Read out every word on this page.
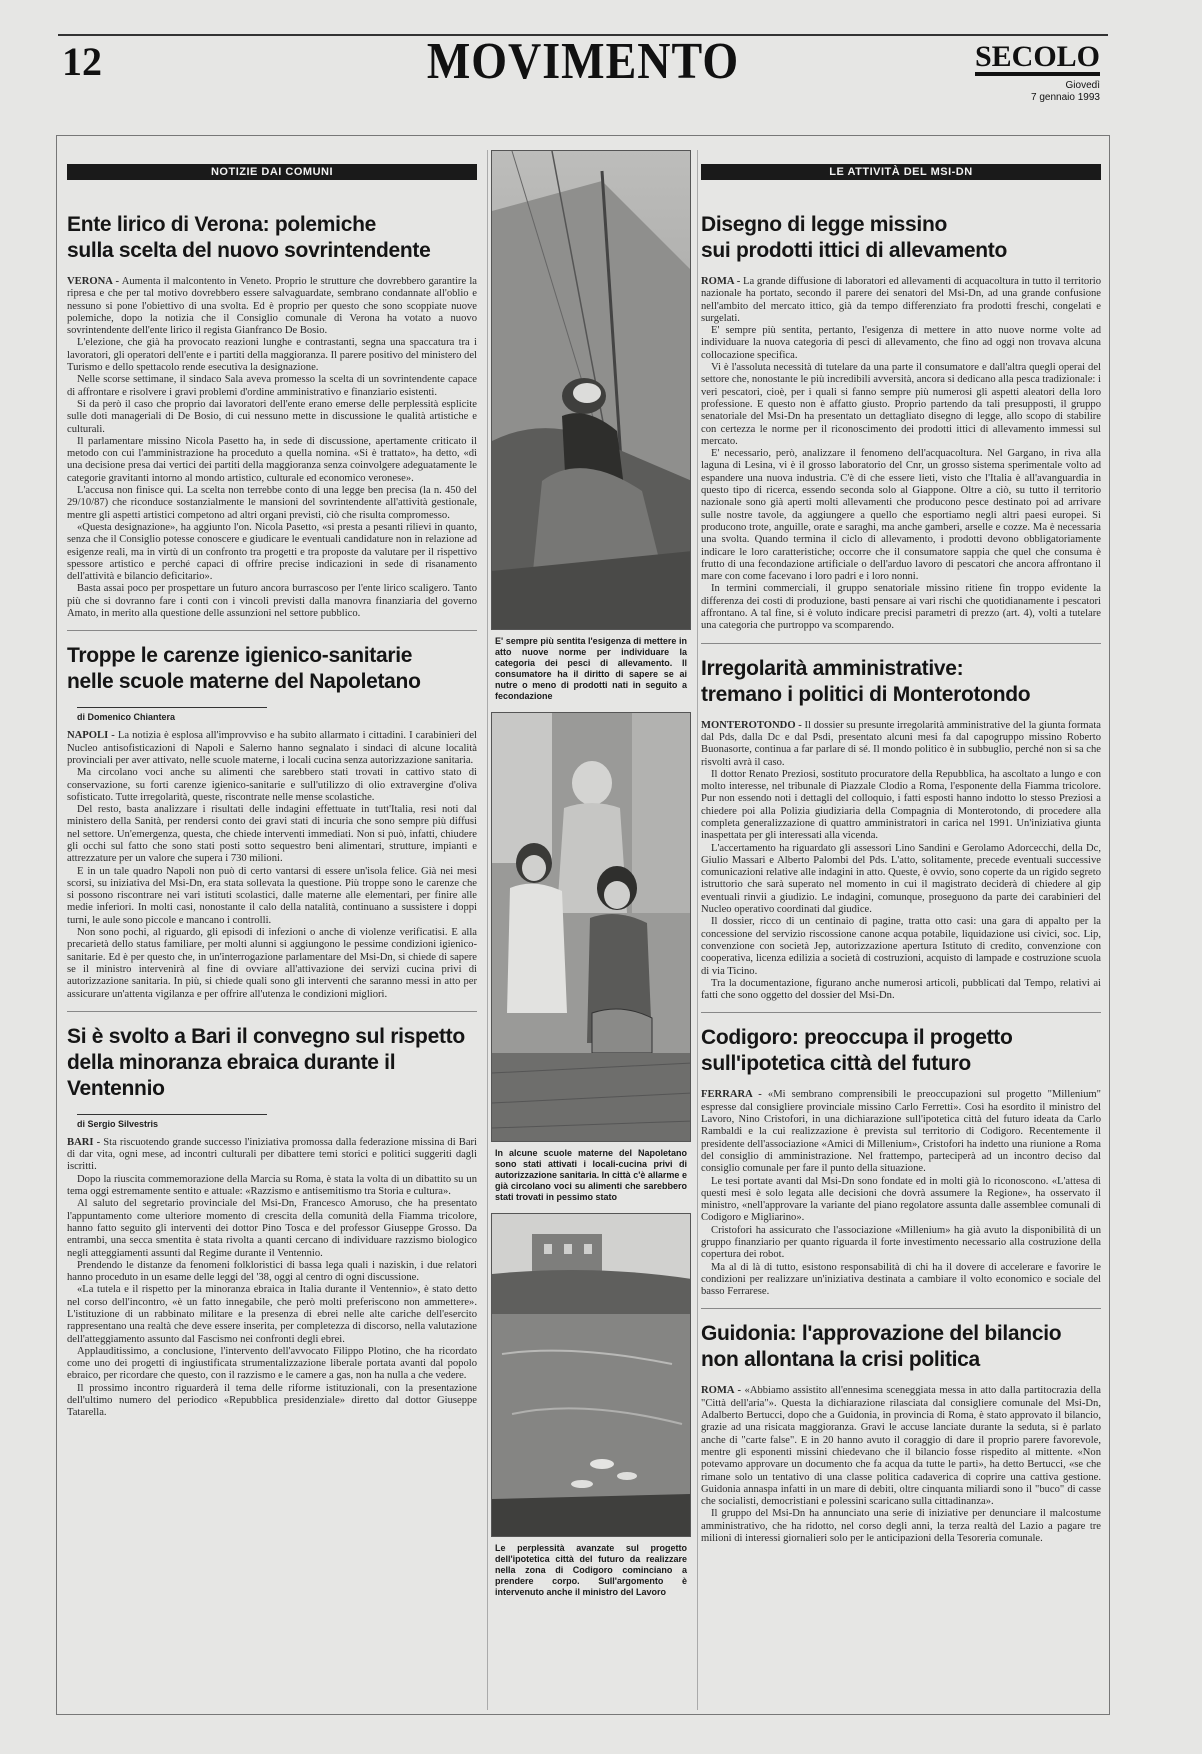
12	MOVIMENTO	SECOLO
Giovedì
7 gennaio 1993
NOTIZIE DAI COMUNI
Ente lirico di Verona: polemiche
sulla scelta del nuovo sovrintendente

VERONA - Aumenta il malcontento in Veneto. Proprio le strutture che dovrebbero garantire la ripresa e che per tal motivo dovrebbero essere salvaguardate, sembrano condannate all'oblio e nessuno si pone l'obiettivo di una svolta. Ed è proprio per questo che sono scoppiate nuove polemiche, dopo la notizia che il Consiglio comunale di Verona ha votato a nuovo sovrintendente dell'ente lirico il regista Gianfranco De Bosio.

L'elezione, che già ha provocato reazioni lunghe e contrastanti, segna una spaccatura tra i lavoratori, gli operatori dell'ente e i partiti della maggioranza. Il parere positivo del ministero del Turismo e dello spettacolo rende esecutiva la designazione.

Nelle scorse settimane, il sindaco Sala aveva promesso la scelta di un sovrintendente capace di affrontare e risolvere i gravi problemi d'ordine amministrativo e finanziario esistenti.

Si da però il caso che proprio dai lavoratori dell'ente erano emerse delle perplessità esplicite sulle doti manageriali di De Bosio, di cui nessuno mette in discussione le qualità artistiche e culturali.

Il parlamentare missino Nicola Pasetto ha, in sede di discussione, apertamente criticato il metodo con cui l'amministrazione ha proceduto a quella nomina. «Si è trattato», ha detto, «di una decisione presa dai vertici dei partiti della maggioranza senza coinvolgere adeguatamente le categorie gravitanti intorno al mondo artistico, culturale ed economico veronese».

L'accusa non finisce qui. La scelta non terrebbe conto di una legge ben precisa (la n. 450 del 29/10/87) che riconduce sostanzialmente le mansioni del sovrintendente all'attività gestionale, mentre gli aspetti artistici competono ad altri organi previsti, ciò che risulta compromesso.

«Questa designazione», ha aggiunto l'on. Nicola Pasetto, «si presta a pesanti rilievi in quanto, senza che il Consiglio potesse conoscere e giudicare le eventuali candidature non in relazione ad esigenze reali, ma in virtù di un confronto tra progetti e tra proposte da valutare per il rispettivo spessore artistico e perché capaci di offrire precise indicazioni in sede di risanamento dell'attività e bilancio deficitario».

Basta assai poco per prospettare un futuro ancora burrascoso per l'ente lirico scaligero. Tanto più che si dovranno fare i conti con i vincoli previsti dalla manovra finanziaria del governo Amato, in merito alla questione delle assunzioni nel settore pubblico.

Troppe le carenze igienico-sanitarie
nelle scuole materne del Napoletano
di Domenico Chiantera

NAPOLI - La notizia è esplosa all'improvviso e ha subito allarmato i cittadini. I carabinieri del Nucleo antisofisticazioni di Napoli e Salerno hanno segnalato i sindaci di alcune località provinciali per aver attivato, nelle scuole materne, i locali cucina senza autorizzazione sanitaria.

Ma circolano voci anche su alimenti che sarebbero stati trovati in cattivo stato di conservazione, su forti carenze igienico-sanitarie e sull'utilizzo di olio extravergine d'oliva sofisticato. Tutte irregolarità, queste, riscontrate nelle mense scolastiche.

Del resto, basta analizzare i risultati delle indagini effettuate in tutt'Italia, resi noti dal ministero della Sanità, per rendersi conto dei gravi stati di incuria che sono sempre più diffusi nel settore. Un'emergenza, questa, che chiede interventi immediati. Non si può, infatti, chiudere gli occhi sul fatto che sono stati posti sotto sequestro beni alimentari, strutture, impianti e attrezzature per un valore che supera i 730 milioni.

E in un tale quadro Napoli non può di certo vantarsi di essere un'isola felice. Già nei mesi scorsi, su iniziativa del Msi-Dn, era stata sollevata la questione. Più troppe sono le carenze che si possono riscontrare nei vari istituti scolastici, dalle materne alle elementari, per finire alle medie inferiori. In molti casi, nonostante il calo della natalità, continuano a sussistere i doppi turni, le aule sono piccole e mancano i controlli.

Non sono pochi, al riguardo, gli episodi di infezioni o anche di violenze verificatisi. E alla precarietà dello status familiare, per molti alunni si aggiungono le pessime condizioni igienico-sanitarie. Ed è per questo che, in un'interrogazione parlamentare del Msi-Dn, si chiede di sapere se il ministro intervenirà al fine di ovviare all'attivazione dei servizi cucina privi di autorizzazione sanitaria. In più, si chiede quali sono gli interventi che saranno messi in atto per assicurare un'attenta vigilanza e per offrire all'utenza le condizioni migliori.

Si è svolto a Bari il convegno sul rispetto
della minoranza ebraica durante il Ventennio
di Sergio Silvestris

BARI - Sta riscuotendo grande successo l'iniziativa promossa dalla federazione missina di Bari di dar vita, ogni mese, ad incontri culturali per dibattere temi storici e politici suggeriti dagli iscritti.

Dopo la riuscita commemorazione della Marcia su Roma, è stata la volta di un dibattito su un tema oggi estremamente sentito e attuale: «Razzismo e antisemitismo tra Storia e cultura».

Al saluto del segretario provinciale del Msi-Dn, Francesco Amoruso, che ha presentato l'appuntamento come ulteriore momento di crescita della comunità della Fiamma tricolore, hanno fatto seguito gli interventi dei dottor Pino Tosca e del professor Giuseppe Grosso. Da entrambi, una secca smentita è stata rivolta a quanti cercano di individuare razzismo biologico negli atteggiamenti assunti dal Regime durante il Ventennio.

Prendendo le distanze da fenomeni folkloristici di bassa lega quali i naziskin, i due relatori hanno proceduto in un esame delle leggi del '38, oggi al centro di ogni discussione.

«La tutela e il rispetto per la minoranza ebraica in Italia durante il Ventennio», è stato detto nel corso dell'incontro, «è un fatto innegabile, che però molti preferiscono non ammettere». L'istituzione di un rabbinato militare e la presenza di ebrei nelle alte cariche dell'esercito rappresentano una realtà che deve essere inserita, per completezza di discorso, nella valutazione dell'atteggiamento assunto dal Fascismo nei confronti degli ebrei.

Applauditissimo, a conclusione, l'intervento dell'avvocato Filippo Plotino, che ha ricordato come uno dei progetti di ingiustificata strumentalizzazione liberale portata avanti dal popolo ebraico, per ricordare che questo, con il razzismo e le camere a gas, non ha nulla a che vedere.

Il prossimo incontro riguarderà il tema delle riforme istituzionali, con la presentazione dell'ultimo numero del periodico «Repubblica presidenziale» diretto dal dottor Giuseppe Tatarella.

E' sempre più sentita l'esigenza di mettere in atto nuove norme per individuare la categoria dei pesci di allevamento. Il consumatore ha il diritto di sapere se ai nutre o meno di prodotti nati in seguito a fecondazione
In alcune scuole materne del Napoletano sono stati attivati i locali-cucina privi di autorizzazione sanitaria. In città c'è allarme e già circolano voci su alimenti che sarebbero stati trovati in pessimo stato
Le perplessità avanzate sul progetto dell'ipotetica città del futuro da realizzare nella zona di Codigoro cominciano a prendere corpo. Sull'argomento è intervenuto anche il ministro del Lavoro
LE ATTIVITÀ DEL MSI-DN
Disegno di legge missino
sui prodotti ittici di allevamento

ROMA - La grande diffusione di laboratori ed allevamenti di acquacoltura in tutto il territorio nazionale ha portato, secondo il parere dei senatori del Msi-Dn, ad una grande confusione nell'ambito del mercato ittico, già da tempo differenziato fra prodotti freschi, congelati e surgelati.

E' sempre più sentita, pertanto, l'esigenza di mettere in atto nuove norme volte ad individuare la nuova categoria di pesci di allevamento, che fino ad oggi non trovava alcuna collocazione specifica.

Vi è l'assoluta necessità di tutelare da una parte il consumatore e dall'altra quegli operai del settore che, nonostante le più incredibili avversità, ancora si dedicano alla pesca tradizionale: i veri pescatori, cioè, per i quali si fanno sempre più numerosi gli aspetti aleatori della loro professione. E questo non è affatto giusto. Proprio partendo da tali presupposti, il gruppo senatoriale del Msi-Dn ha presentato un dettagliato disegno di legge, allo scopo di stabilire con certezza le norme per il riconoscimento dei prodotti ittici di allevamento immessi sul mercato.

E' necessario, però, analizzare il fenomeno dell'acquacoltura. Nel Gargano, in riva alla laguna di Lesina, vi è il grosso laboratorio del Cnr, un grosso sistema sperimentale volto ad espandere una nuova industria. C'è di che essere lieti, visto che l'Italia è all'avanguardia in questo tipo di ricerca, essendo seconda solo al Giappone. Oltre a ciò, su tutto il territorio nazionale sono già aperti molti allevamenti che producono pesce destinato poi ad arrivare sulle nostre tavole, da aggiungere a quello che esportiamo negli altri paesi europei. Si producono trote, anguille, orate e saraghi, ma anche gamberi, arselle e cozze. Ma è necessaria una svolta. Quando termina il ciclo di allevamento, i prodotti devono obbligatoriamente indicare le loro caratteristiche; occorre che il consumatore sappia che quel che consuma è frutto di una fecondazione artificiale o dell'arduo lavoro di pescatori che ancora affrontano il mare con come facevano i loro padri e i loro nonni.

In termini commerciali, il gruppo senatoriale missino ritiene fin troppo evidente la differenza dei costi di produzione, basti pensare ai vari rischi che quotidianamente i pescatori affrontano. A tal fine, si è voluto indicare precisi parametri di prezzo (art. 4), volti a tutelare una categoria che purtroppo va scomparendo.

Irregolarità amministrative:
tremano i politici di Monterotondo

MONTEROTONDO - Il dossier su presunte irregolarità amministrative del la giunta formata dal Pds, dalla Dc e dal Psdi, presentato alcuni mesi fa dal capogruppo missino Roberto Buonasorte, continua a far parlare di sé. Il mondo politico è in subbuglio, perché non si sa che risvolti avrà il caso.

Il dottor Renato Preziosi, sostituto procuratore della Repubblica, ha ascoltato a lungo e con molto interesse, nel tribunale di Piazzale Clodio a Roma, l'esponente della Fiamma tricolore. Pur non essendo noti i dettagli del colloquio, i fatti esposti hanno indotto lo stesso Preziosi a chiedere poi alla Polizia giudiziaria della Compagnia di Monterotondo, di procedere alla completa generalizzazione di quattro amministratori in carica nel 1991. Un'iniziativa giunta inaspettata per gli interessati alla vicenda.

L'accertamento ha riguardato gli assessori Lino Sandini e Gerolamo Adorcecchi, della Dc, Giulio Massari e Alberto Palombi del Pds. L'atto, solitamente, precede eventuali successive comunicazioni relative alle indagini in atto. Queste, è ovvio, sono coperte da un rigido segreto istruttorio che sarà superato nel momento in cui il magistrato deciderà di chiedere al gip eventuali rinvii a giudizio. Le indagini, comunque, proseguono da parte dei carabinieri del Nucleo operativo coordinati dal giudice.

Il dossier, ricco di un centinaio di pagine, tratta otto casi: una gara di appalto per la concessione del servizio riscossione canone acqua potabile, liquidazione usi civici, soc. Lip, convenzione con società Jep, autorizzazione apertura Istituto di credito, convenzione con cooperativa, licenza edilizia a società di costruzioni, acquisto di lampade e costruzione scuola di via Ticino.

Tra la documentazione, figurano anche numerosi articoli, pubblicati dal Tempo, relativi ai fatti che sono oggetto del dossier del Msi-Dn.

Codigoro: preoccupa il progetto
sull'ipotetica città del futuro

FERRARA - «Mi sembrano comprensibili le preoccupazioni sul progetto "Millenium" espresse dal consigliere provinciale missino Carlo Ferretti». Così ha esordito il ministro del Lavoro, Nino Cristofori, in una dichiarazione sull'ipotetica città del futuro ideata da Carlo Rambaldi e la cui realizzazione è prevista sul territorio di Codigoro. Recentemente il presidente dell'associazione «Amici di Millenium», Cristofori ha indetto una riunione a Roma del consiglio di amministrazione. Nel frattempo, parteciperà ad un incontro deciso dal consiglio comunale per fare il punto della situazione.

Le tesi portate avanti dal Msi-Dn sono fondate ed in molti già lo riconoscono. «L'attesa di questi mesi è solo legata alle decisioni che dovrà assumere la Regione», ha osservato il ministro, «nell'approvare la variante del piano regolatore assunta dalle assemblee comunali di Codigoro e Migliarino».

Cristofori ha assicurato che l'associazione «Millenium» ha già avuto la disponibilità di un gruppo finanziario per quanto riguarda il forte investimento necessario alla costruzione della copertura dei robot.

Ma al di là di tutto, esistono responsabilità di chi ha il dovere di accelerare e favorire le condizioni per realizzare un'iniziativa destinata a cambiare il volto economico e sociale del basso Ferrarese.

Guidonia: l'approvazione del bilancio
non allontana la crisi politica

ROMA - «Abbiamo assistito all'ennesima sceneggiata messa in atto dalla partitocrazia della "Città dell'aria"». Questa la dichiarazione rilasciata dal consigliere comunale del Msi-Dn, Adalberto Bertucci, dopo che a Guidonia, in provincia di Roma, è stato approvato il bilancio, grazie ad una risicata maggioranza. Gravi le accuse lanciate durante la seduta, si è parlato anche di "carte false". E in 20 hanno avuto il coraggio di dare il proprio parere favorevole, mentre gli esponenti missini chiedevano che il bilancio fosse rispedito al mittente. «Non potevamo approvare un documento che fa acqua da tutte le parti», ha detto Bertucci, «se che rimane solo un tentativo di una classe politica cadaverica di coprire una cattiva gestione. Guidonia annaspa infatti in un mare di debiti, oltre cinquanta miliardi sono il "buco" di casse che socialisti, democristiani e polessini scaricano sulla cittadinanza».

Il gruppo del Msi-Dn ha annunciato una serie di iniziative per denunciare il malcostume amministrativo, che ha ridotto, nel corso degli anni, la terza realtà del Lazio a pagare tre milioni di interessi giornalieri solo per le anticipazioni della Tesoreria comunale.
